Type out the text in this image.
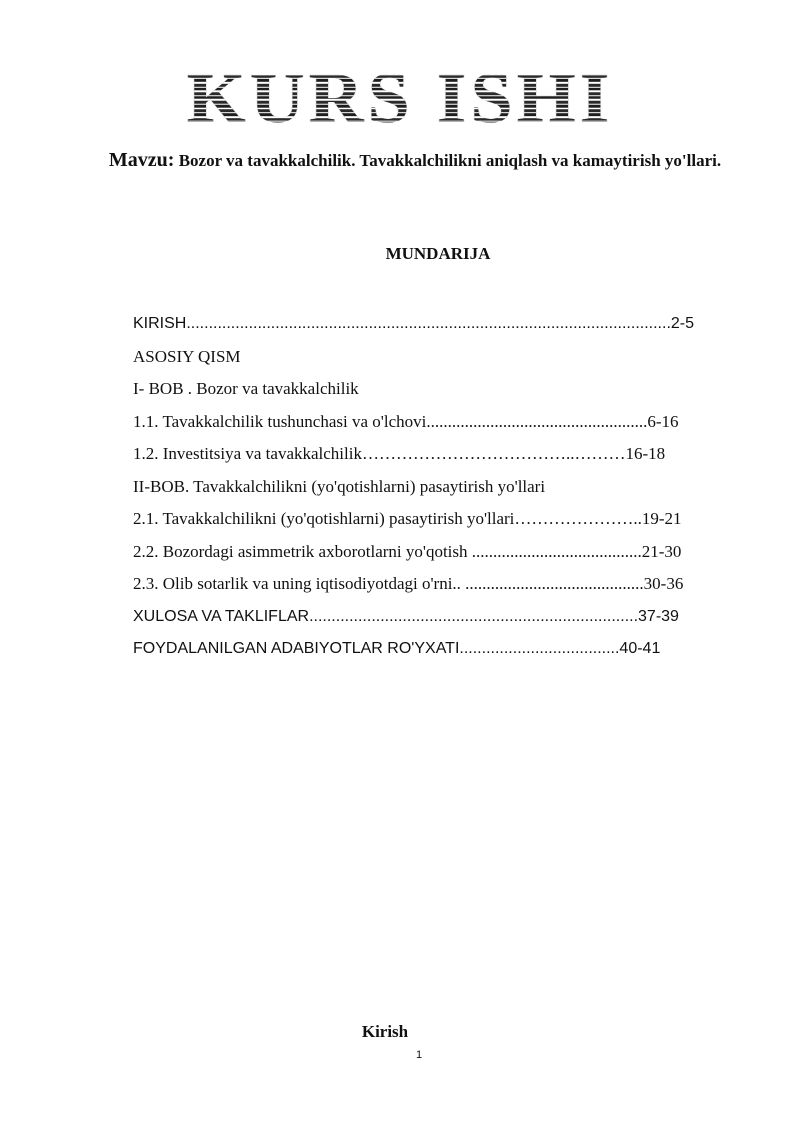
KURS ISHI
Mavzu: Bozor va tavakkalchilik. Tavakkalchilikni aniqlash va kamaytirish yo'llari.
MUNDARIJA
KIRISH.............................................................................................................2-5
ASOSIY QISM
I- BOB . Bozor va tavakkalchilik
1.1. Tavakkalchilik tushunchasi va o'lchovi....................................................6-16
1.2. Investitsiya va tavakkalchilik………………………………..………16-18
II-BOB. Tavakkalchilikni (yo'qotishlarni) pasaytirish yo'llari
2.1. Tavakkalchilikni (yo'qotishlarni) pasaytirish yo'llari…………………..19-21
2.2. Bozordagi asimmetrik axborotlarni yo'qotish ........................................21-30
2.3. Olib sotarlik va uning iqtisodiyotdagi o'rni.. ..........................................30-36
XULOSA VA TAKLIFLAR..........................................................................37-39
FOYDALANILGAN ADABIYOTLAR RO'YXATI....................................40-41
Kirish
1
